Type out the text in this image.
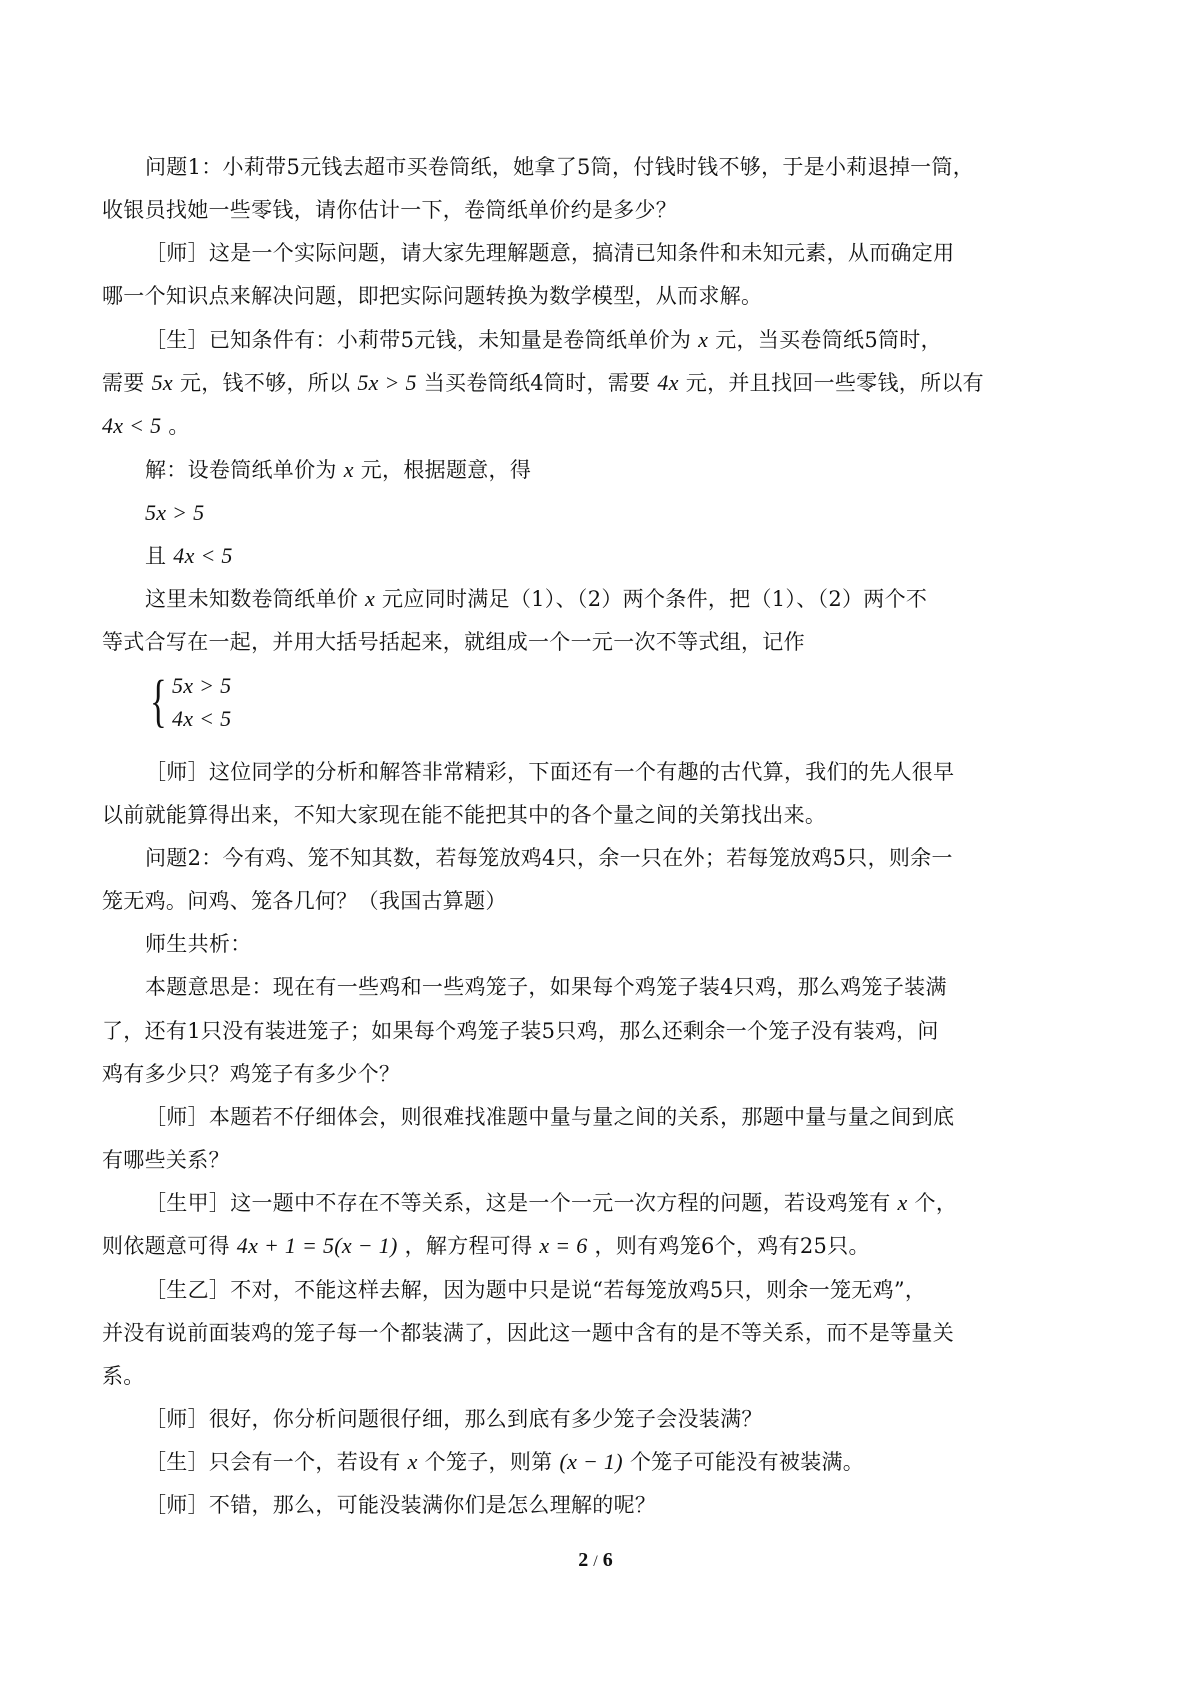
问题1：小莉带5元钱去超市买卷筒纸，她拿了5筒，付钱时钱不够，于是小莉退掉一筒，
收银员找她一些零钱，请你估计一下，卷筒纸单价约是多少？
［师］这是一个实际问题，请大家先理解题意，搞清已知条件和未知元素，从而确定用
哪一个知识点来解决问题，即把实际问题转换为数学模型，从而求解。
［生］已知条件有：小莉带5元钱，未知量是卷筒纸单价为 x 元，当买卷筒纸5筒时，
需要 5x 元，钱不够，所以 5x > 5 当买卷筒纸4筒时，需要 4x 元，并且找回一些零钱，所以有
4x < 5 。
解：设卷筒纸单价为 x 元，根据题意，得
5x > 5
且 4x < 5
这里未知数卷筒纸单价 x 元应同时满足（1）、（2）两个条件，把（1）、（2）两个不
等式合写在一起，并用大括号括起来，就组成一个一元一次不等式组，记作
{ 5x > 5
4x < 5
［师］这位同学的分析和解答非常精彩，下面还有一个有趣的古代算，我们的先人很早
以前就能算得出来，不知大家现在能不能把其中的各个量之间的关第找出来。
问题2：今有鸡、笼不知其数，若每笼放鸡4只，余一只在外；若每笼放鸡5只，则余一
笼无鸡。问鸡、笼各几何？（我国古算题）
师生共析：
本题意思是：现在有一些鸡和一些鸡笼子，如果每个鸡笼子装4只鸡，那么鸡笼子装满
了，还有1只没有装进笼子；如果每个鸡笼子装5只鸡，那么还剩余一个笼子没有装鸡，问
鸡有多少只？鸡笼子有多少个？
［师］本题若不仔细体会，则很难找准题中量与量之间的关系，那题中量与量之间到底
有哪些关系？
［生甲］这一题中不存在不等关系，这是一个一元一次方程的问题，若设鸡笼有 x 个，
则依题意可得 4x + 1 = 5(x − 1) ，解方程可得 x = 6 ，则有鸡笼6个，鸡有25只。
［生乙］不对，不能这样去解，因为题中只是说“若每笼放鸡5只，则余一笼无鸡”，
并没有说前面装鸡的笼子每一个都装满了，因此这一题中含有的是不等关系，而不是等量关
系。
［师］很好，你分析问题很仔细，那么到底有多少笼子会没装满？
［生］只会有一个，若设有 x 个笼子，则第 (x − 1) 个笼子可能没有被装满。
［师］不错，那么，可能没装满你们是怎么理解的呢？
2 / 6
